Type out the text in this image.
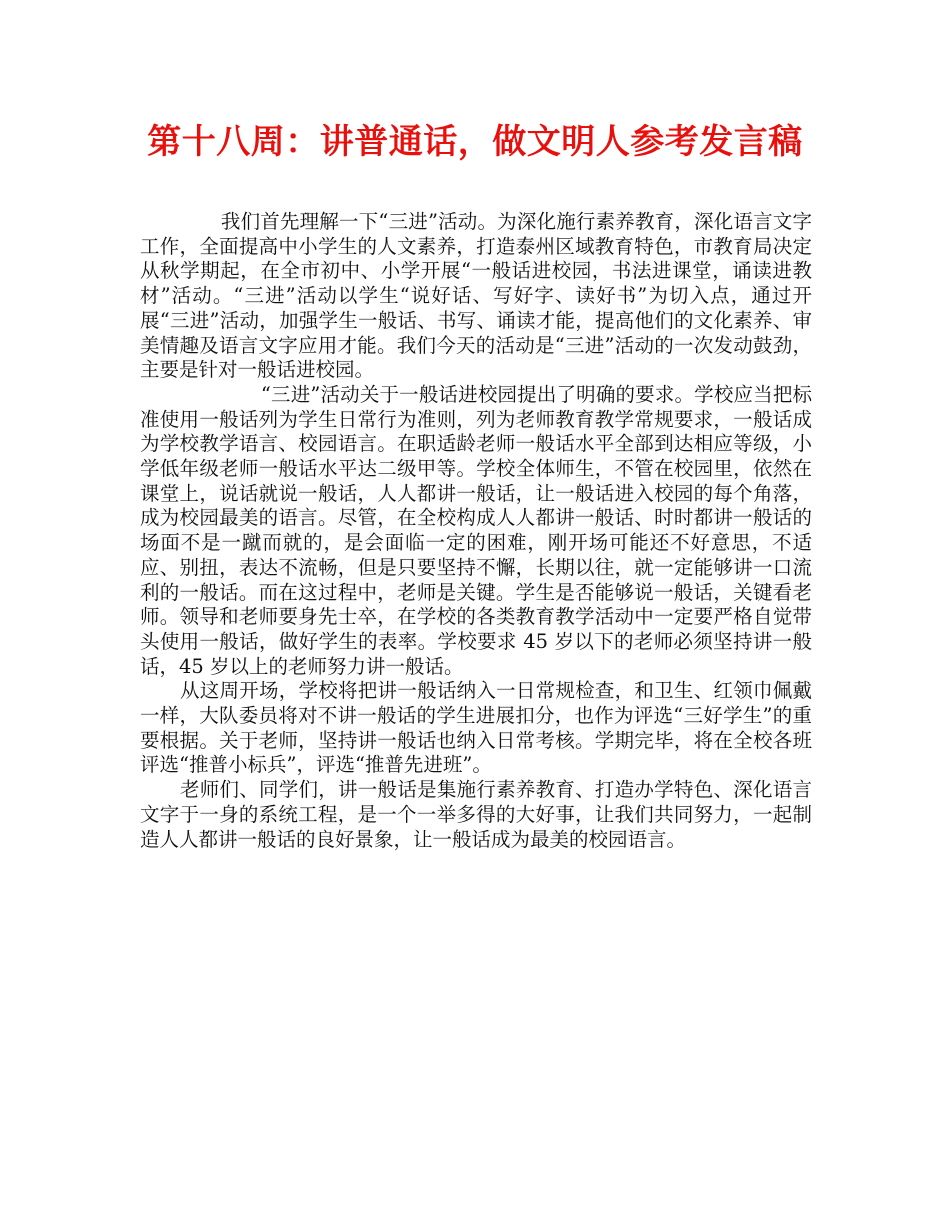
第十八周：讲普通话，做文明人参考发言稿

我们首先理解一下“三进”活动。为深化施行素养教育，深化语言文字工作，全面提高中小学生的人文素养，打造泰州区域教育特色，市教育局决定从秋学期起，在全市初中、小学开展“一般话进校园，书法进课堂，诵读进教材”活动。“三进”活动以学生“说好话、写好字、读好书”为切入点，通过开展“三进”活动，加强学生一般话、书写、诵读才能，提高他们的文化素养、审美情趣及语言文字应用才能。我们今天的活动是“三进”活动的一次发动鼓劲，主要是针对一般话进校园。

“三进”活动关于一般话进校园提出了明确的要求。学校应当把标准使用一般话列为学生日常行为准则，列为老师教育教学常规要求，一般话成为学校教学语言、校园语言。在职适龄老师一般话水平全部到达相应等级，小学低年级老师一般话水平达二级甲等。学校全体师生，不管在校园里，依然在课堂上，说话就说一般话，人人都讲一般话，让一般话进入校园的每个角落，成为校园最美的语言。尽管，在全校构成人人都讲一般话、时时都讲一般话的场面不是一蹴而就的，是会面临一定的困难，刚开场可能还不好意思，不适应、别扭，表达不流畅，但是只要坚持不懈，长期以往，就一定能够讲一口流利的一般话。而在这过程中，老师是关键。学生是否能够说一般话，关键看老师。领导和老师要身先士卒，在学校的各类教育教学活动中一定要严格自觉带头使用一般话，做好学生的表率。学校要求 45 岁以下的老师必须坚持讲一般话，45 岁以上的老师努力讲一般话。

从这周开场，学校将把讲一般话纳入一日常规检查，和卫生、红领巾佩戴一样，大队委员将对不讲一般话的学生进展扣分，也作为评选“三好学生”的重要根据。关于老师，坚持讲一般话也纳入日常考核。学期完毕，将在全校各班评选“推普小标兵”，评选“推普先进班”。

老师们、同学们，讲一般话是集施行素养教育、打造办学特色、深化语言文字于一身的系统工程，是一个一举多得的大好事，让我们共同努力，一起制造人人都讲一般话的良好景象，让一般话成为最美的校园语言。
